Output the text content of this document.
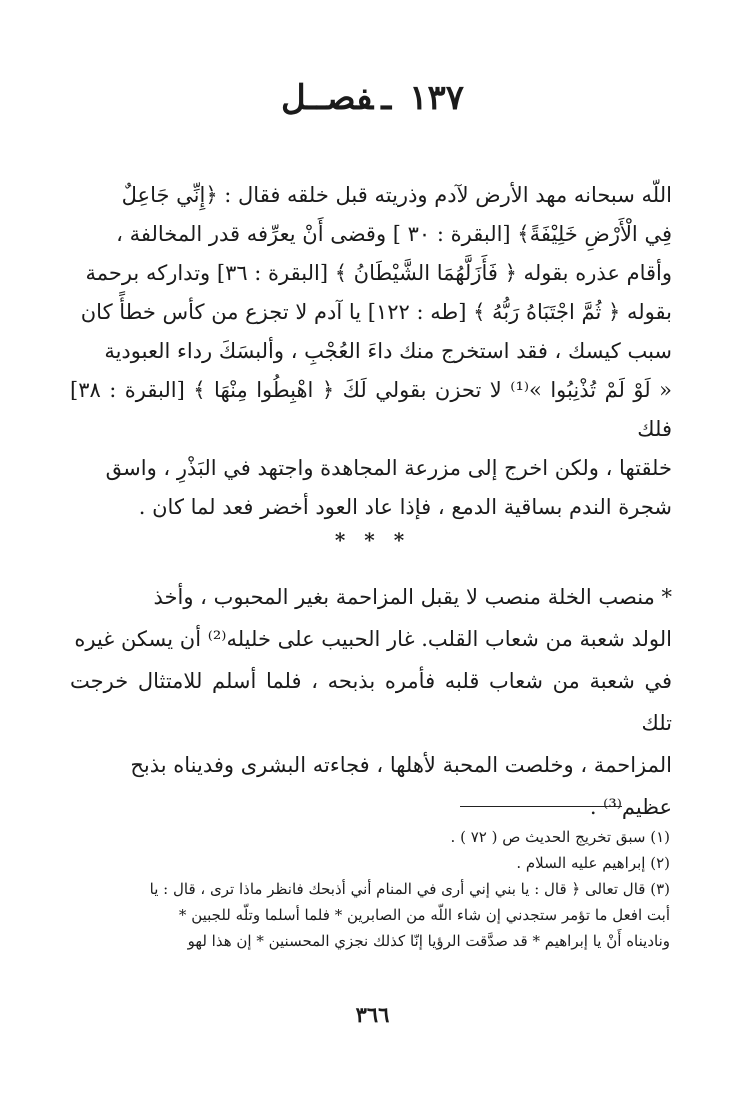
١٣٧ـفصــل

اللّه سبحانه مهد الأرض لآدم وذريته قبل خلقه فقال : ﴿إِنِّي جَاعِلٌ

فِي الْأَرْضِ خَلِيْفَةً﴾ [البقرة : ٣٠ ] وقضى أَنْ يعرِّفه قدر المخالفة ،

وأقام عذره بقوله ﴿ فَأَزَلَّهُمَا الشَّيْطَانُ ﴾ [البقرة : ٣٦] وتداركه برحمة

بقوله ﴿ ثُمَّ اجْتَبَاهُ رَبُّهُ ﴾ [طه : ١٢٢] يا آدم لا تجزع من كأس خطأً كان

سبب كيسك ، فقد استخرج منك داءَ العُجْبِ ، وألبسَكَ رداء العبودية

« لَوْ لَمْ تُذْنِبُوا »⁽¹⁾ لا تحزن بقولي لَكَ ﴿ اهْبِطُوا مِنْهَا ﴾ [البقرة : ٣٨] فلك

خلقتها ، ولكن اخرج إلى مزرعة المجاهدة واجتهد في البَذْرِ ، واسق

شجرة الندم بساقية الدمع ، فإذا عاد العود أخضر فعد لما كان .

* * *

* منصب الخلة منصب لا يقبل المزاحمة بغير المحبوب ، وأخذ

الولد شعبة من شعاب القلب. غار الحبيب على خليله⁽²⁾ أن يسكن غيره

في شعبة من شعاب قلبه فأمره بذبحه ، فلما أسلم للامتثال خرجت تلك

المزاحمة ، وخلصت المحبة لأهلها ، فجاءته البشرى وفديناه بذبح

عظيم⁽³⁾ .

(١) سبق تخريج الحديث ص ( ٧٢ ) .

(٢) إبراهيم عليه السلام .

(٣) قال تعالى ﴿ قال : يا بني إني أرى في المنام أني أذبحك فانظر ماذا ترى ، قال : يا

أبت افعل ما تؤمر ستجدني إن شاء اللّه من الصابرين * فلما أسلما وتلّه للجبين *

وناديناه أَنْ يا إبراهيم * قد صدَّقت الرؤيا إنّا كذلك نجزي المحسنين * إن هذا لهو

٣٦٦
